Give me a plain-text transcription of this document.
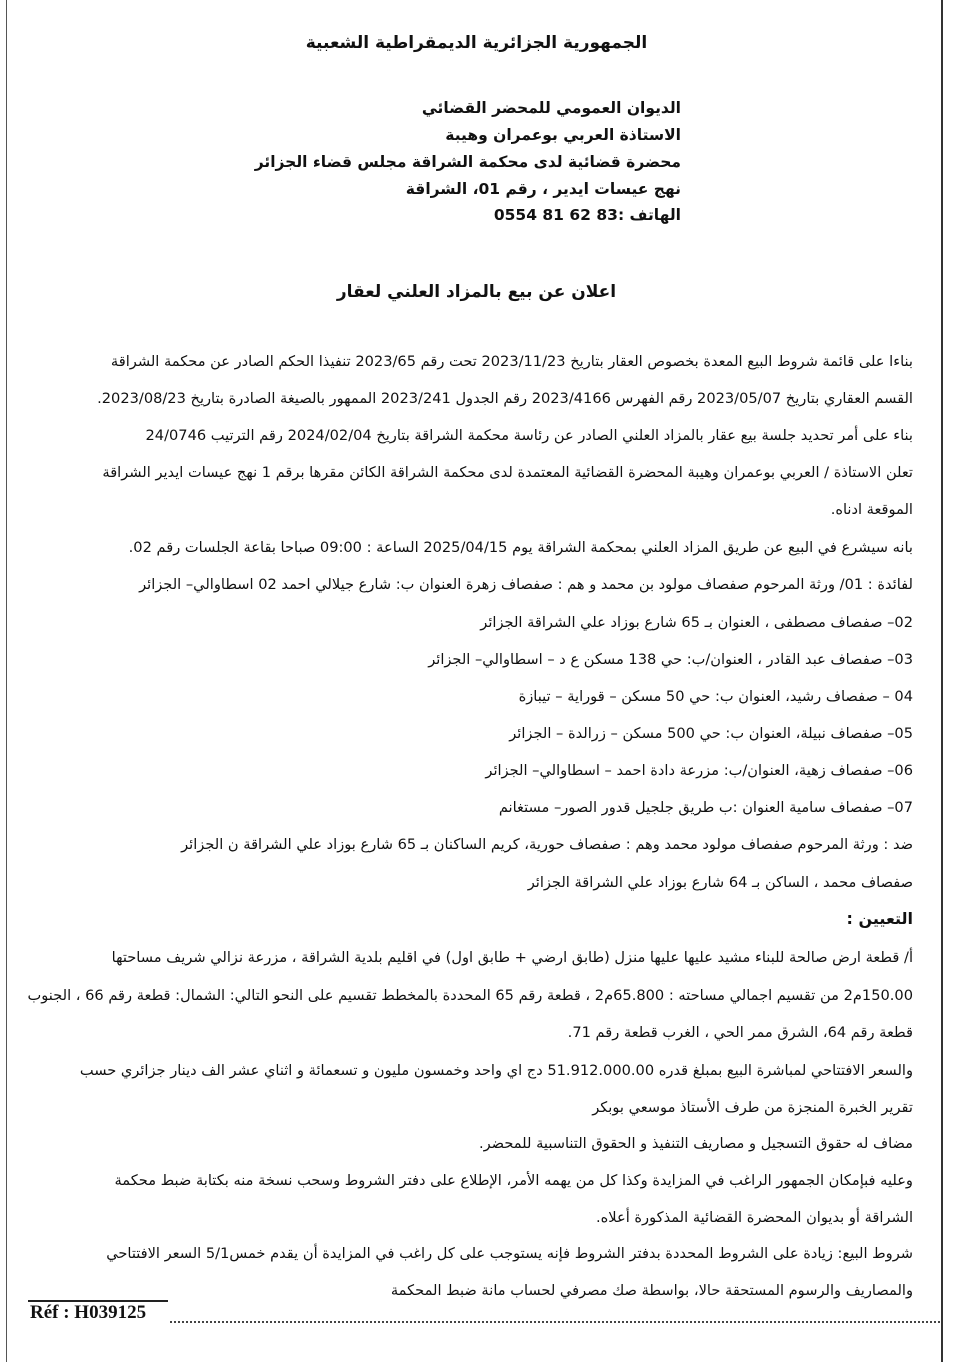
الجمهورية الجزائرية الديمقراطية الشعبية
الديوان العمومي للمحضر القضائي
الاستاذة العربي بوعمران وهيبة
محضرة قضائية لدى محكمة الشراقة مجلس قضاء الجزائر
نهج عيسات ايدير ، رقم 01، الشراقة
الهاتف :83 62 81 0554
اعلان عن بيع بالمزاد العلني لعقار
بناءا على قائمة شروط البيع المعدة بخصوص العقار بتاريخ 2023/11/23 تحت رقم 2023/65 تنفيذا الحكم الصادر عن محكمة الشراقة
القسم العقاري بتاريخ 2023/05/07 رقم الفهرس 2023/4166 رقم الجدول 2023/241 الممهور بالصيغة الصادرة بتاريخ 2023/08/23.
بناء على أمر تحديد جلسة بيع عقار بالمزاد العلني الصادر عن رئاسة محكمة الشراقة بتاريخ 2024/02/04 رقم الترتيب 24/0746
تعلن الاستاذة / العربي بوعمران وهيبة المحضرة القضائية المعتمدة لدى محكمة الشراقة الكائن مقرها برقم 1 نهج عيسات ايدير الشراقة
الموقعة ادناه.
بانه سيشرع في البيع عن طريق المزاد العلني بمحكمة الشراقة يوم 2025/04/15 الساعة : 09:00 صباحا بقاعة الجلسات رقم 02.
لفائدة : 01/ ورثة المرحوم صفصاف مولود بن محمد و هم : صفصاف زهرة العنوان ب: شارع جيلالي احمد 02 اسطاوالي– الجزائر
02– صفصاف مصطفى ، العنوان بـ 65 شارع بوزاد علي الشراقة الجزائر
03– صفصاف عبد القادر ، العنوان/ب: حي 138 مسكن ع د – اسطاوالي– الجزائر
04 – صفصاف رشيد، العنوان ب: حي 50 مسكن – قوراية – تيبازة
05– صفصاف نبيلة، العنوان ب: حي 500 مسكن – زرالدة – الجزائر
06– صفصاف زهية، العنوان/ب: مزرعة دادة احمد – اسطاوالي– الجزائر
07– صفصاف سامية العنوان :ب طريق جلجيل قدور الصور– مستغانم
ضد : ورثة المرحوم صفصاف مولود محمد وهم : صفصاف حورية، كريم الساكنان بـ 65 شارع بوزاد علي الشراقة ن الجزائر
صفصاف محمد ، الساكن بـ 64 شارع بوزاد علي الشراقة الجزائر
التعيين :
أ/ قطعة ارض صالحة للبناء مشيد عليها عليها منزل (طابق ارضي + طابق اول) في اقليم بلدية الشراقة ، مزرعة نزالي شريف مساحتها
150.00م2 من تقسيم اجمالي مساحته : 65.800م2 ، قطعة رقم 65 المحددة بالمخطط تقسيم على النحو التالي: الشمال: قطعة رقم 66 ، الجنوب
قطعة رقم 64، الشرق ممر الحي ، الغرب قطعة رقم 71.
والسعر الافتتاحي لمباشرة البيع بمبلغ قدره 51.912.000.00 دج اي واحد وخمسون مليون و تسعمائة و اثناي عشر الف دينار جزائري حسب
تقرير الخبرة المنجزة من طرف الأستاذ موسعي بوبكر
مضاف له حقوق التسجيل و مصاريف التنفيذ و الحقوق التناسبية للمحضر.
وعليه فبإمكان الجمهور الراغب في المزايدة وكذا كل من يهمه الأمر، الإطلاع على دفتر الشروط وسحب نسخة منه بكتابة ضبط محكمة
الشراقة أو بديوان المحضرة القضائية المذكورة أعلاه.
شروط البيع: زيادة على الشروط المحددة بدفتر الشروط فإنه يستوجب على كل راغب في المزايدة أن يقدم خمس5/1 السعر الافتتاحي
والمصاريف والرسوم المستحقة حالا، بواسطة صك مصرفي لحساب مانة ضبط المحكمة
Réf : H039125
